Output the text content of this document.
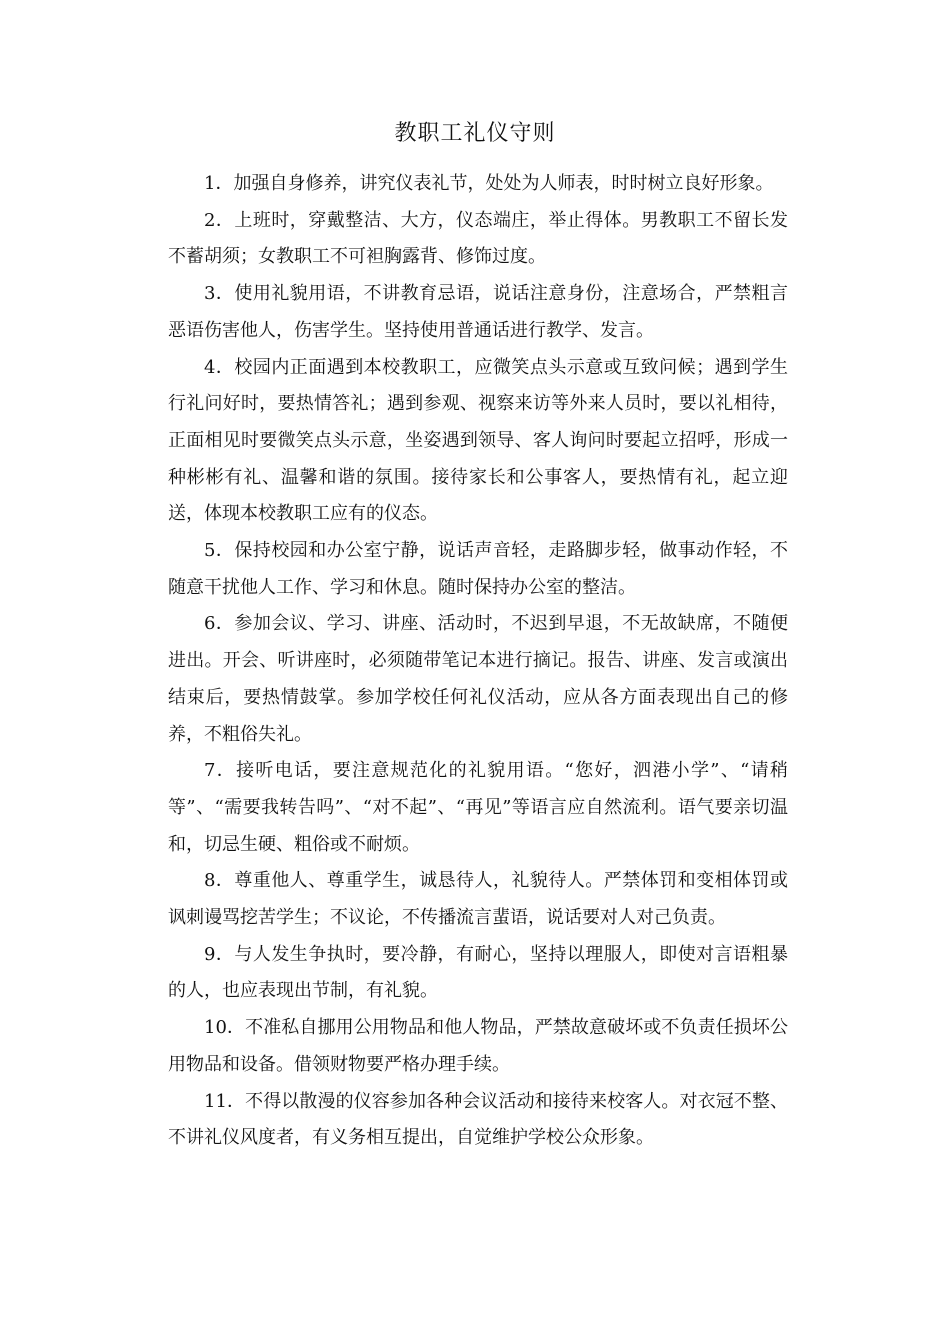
教职工礼仪守则

1．加强自身修养，讲究仪表礼节，处处为人师表，时时树立良好形象。

2．上班时，穿戴整洁、大方，仪态端庄，举止得体。男教职工不留长发不蓄胡须；女教职工不可袒胸露背、修饰过度。

3．使用礼貌用语，不讲教育忌语，说话注意身份，注意场合，严禁粗言恶语伤害他人，伤害学生。坚持使用普通话进行教学、发言。

4．校园内正面遇到本校教职工，应微笑点头示意或互致问候；遇到学生行礼问好时，要热情答礼；遇到参观、视察来访等外来人员时，要以礼相待，正面相见时要微笑点头示意，坐姿遇到领导、客人询问时要起立招呼，形成一种彬彬有礼、温馨和谐的氛围。接待家长和公事客人，要热情有礼，起立迎送，体现本校教职工应有的仪态。

5．保持校园和办公室宁静，说话声音轻，走路脚步轻，做事动作轻，不随意干扰他人工作、学习和休息。随时保持办公室的整洁。

6．参加会议、学习、讲座、活动时，不迟到早退，不无故缺席，不随便进出。开会、听讲座时，必须随带笔记本进行摘记。报告、讲座、发言或演出结束后，要热情鼓掌。参加学校任何礼仪活动，应从各方面表现出自己的修养，不粗俗失礼。

7．接听电话，要注意规范化的礼貌用语。“您好，泗港小学”、“请稍等”、“需要我转告吗”、“对不起”、“再见”等语言应自然流利。语气要亲切温和，切忌生硬、粗俗或不耐烦。

8．尊重他人、尊重学生，诚恳待人，礼貌待人。严禁体罚和变相体罚或讽刺谩骂挖苦学生；不议论，不传播流言蜚语，说话要对人对己负责。

9．与人发生争执时，要冷静，有耐心，坚持以理服人，即使对言语粗暴的人，也应表现出节制，有礼貌。

10．不准私自挪用公用物品和他人物品，严禁故意破坏或不负责任损坏公用物品和设备。借领财物要严格办理手续。

11．不得以散漫的仪容参加各种会议活动和接待来校客人。对衣冠不整、不讲礼仪风度者，有义务相互提出，自觉维护学校公众形象。
